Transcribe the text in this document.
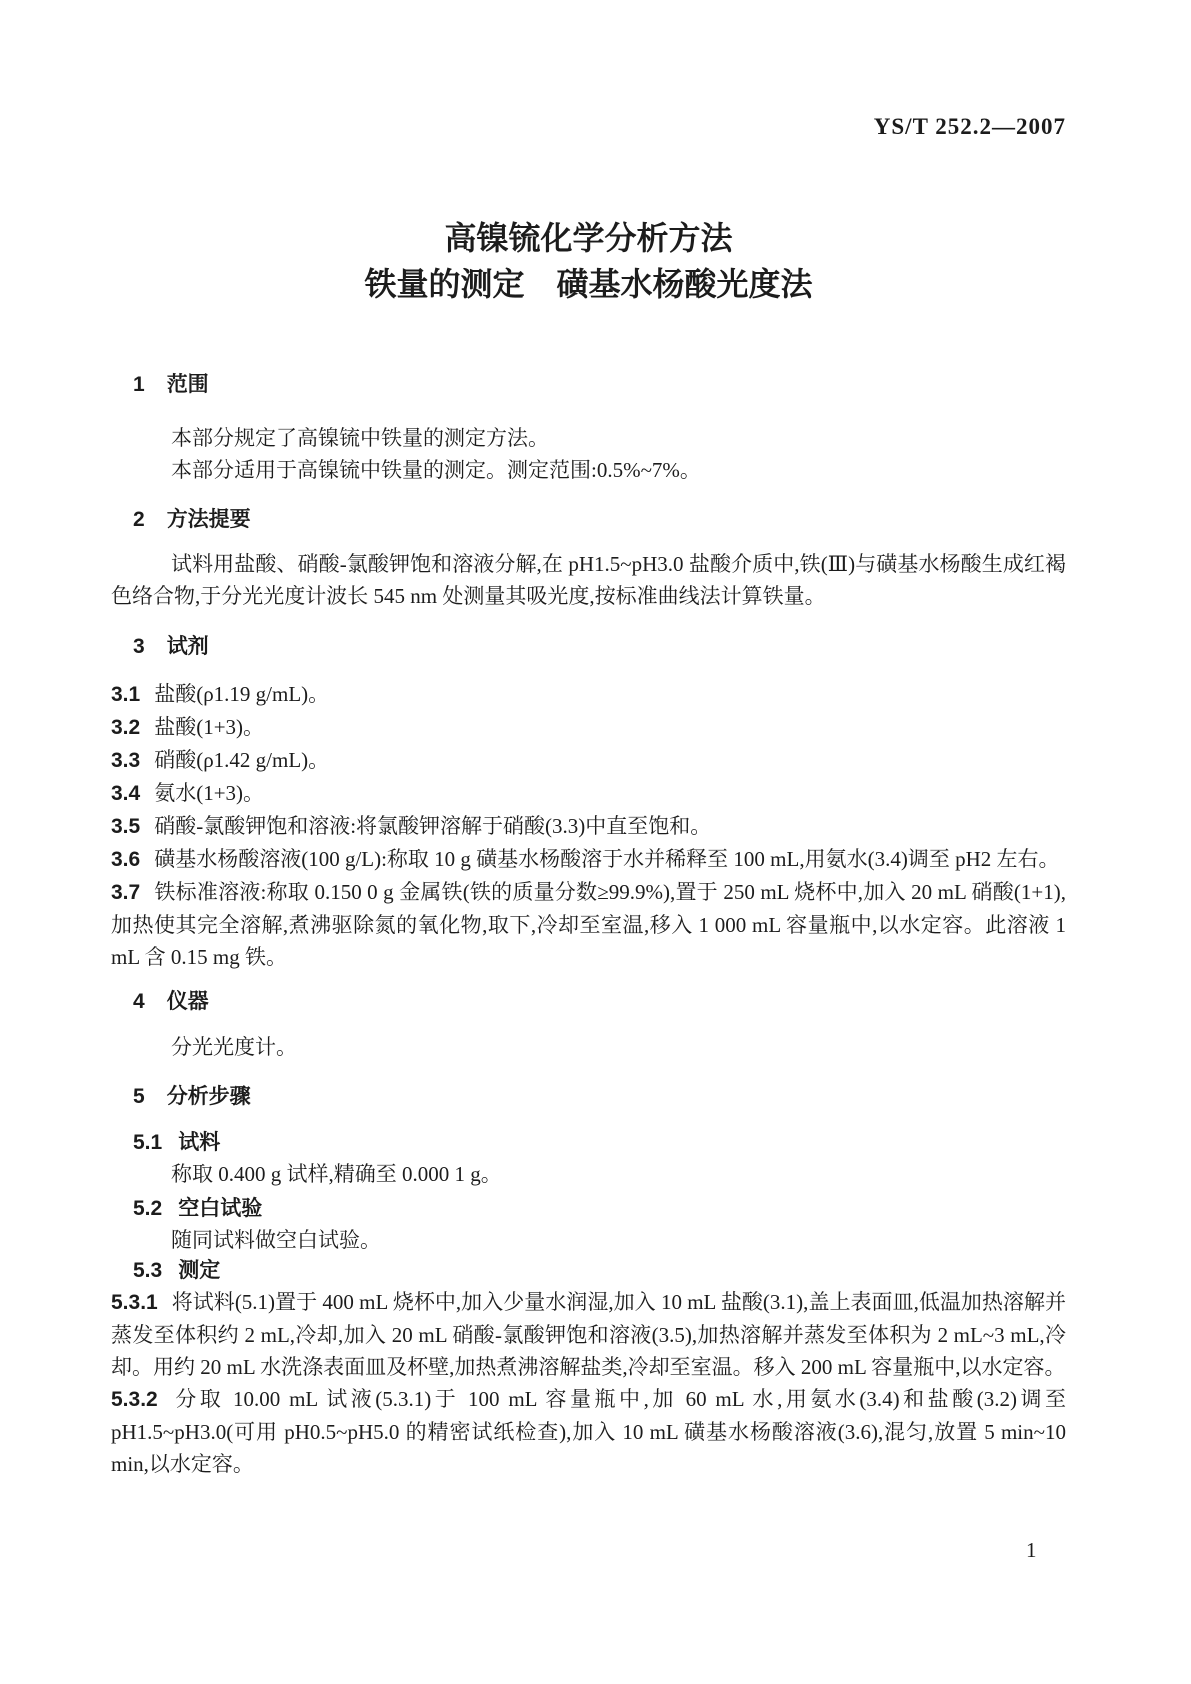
YS/T 252.2—2007
高镍锍化学分析方法
铁量的测定　磺基水杨酸光度法
1 范围

本部分规定了高镍锍中铁量的测定方法。

本部分适用于高镍锍中铁量的测定。测定范围:0.5%~7%。

2 方法提要

试料用盐酸、硝酸-氯酸钾饱和溶液分解,在 pH1.5~pH3.0 盐酸介质中,铁(Ⅲ)与磺基水杨酸生成红褐色络合物,于分光光度计波长 545 nm 处测量其吸光度,按标准曲线法计算铁量。

3 试剂

3.1 盐酸(ρ1.19 g/mL)。

3.2 盐酸(1+3)。

3.3 硝酸(ρ1.42 g/mL)。

3.4 氨水(1+3)。

3.5 硝酸-氯酸钾饱和溶液:将氯酸钾溶解于硝酸(3.3)中直至饱和。

3.6 磺基水杨酸溶液(100 g/L):称取 10 g 磺基水杨酸溶于水并稀释至 100 mL,用氨水(3.4)调至 pH2 左右。

3.7 铁标准溶液:称取 0.150 0 g 金属铁(铁的质量分数≥99.9%),置于 250 mL 烧杯中,加入 20 mL 硝酸(1+1),加热使其完全溶解,煮沸驱除氮的氧化物,取下,冷却至室温,移入 1 000 mL 容量瓶中,以水定容。此溶液 1 mL 含 0.15 mg 铁。

4 仪器

分光光度计。

5 分析步骤
5.1 试料

称取 0.400 g 试样,精确至 0.000 1 g。

5.2 空白试验

随同试料做空白试验。

5.3 测定

5.3.1 将试料(5.1)置于 400 mL 烧杯中,加入少量水润湿,加入 10 mL 盐酸(3.1),盖上表面皿,低温加热溶解并蒸发至体积约 2 mL,冷却,加入 20 mL 硝酸-氯酸钾饱和溶液(3.5),加热溶解并蒸发至体积为 2 mL~3 mL,冷却。用约 20 mL 水洗涤表面皿及杯壁,加热煮沸溶解盐类,冷却至室温。移入 200 mL 容量瓶中,以水定容。

5.3.2 分取 10.00 mL 试液(5.3.1)于 100 mL 容量瓶中,加 60 mL 水,用氨水(3.4)和盐酸(3.2)调至 pH1.5~pH3.0(可用 pH0.5~pH5.0 的精密试纸检查),加入 10 mL 磺基水杨酸溶液(3.6),混匀,放置 5 min~10 min,以水定容。

1
